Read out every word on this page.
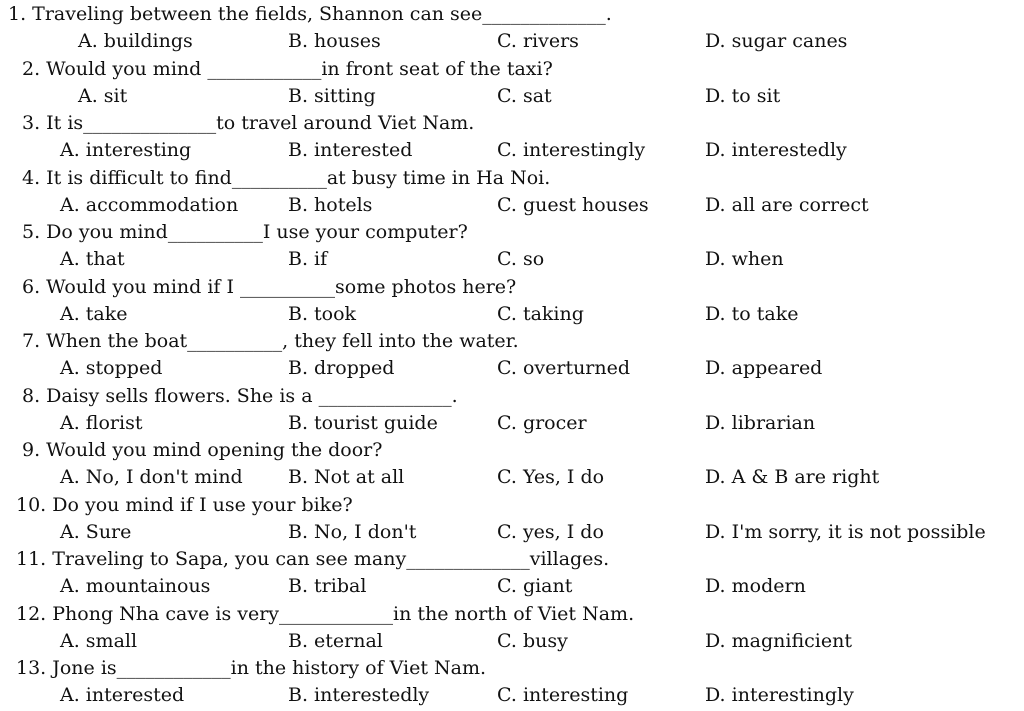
1. Traveling between the fields, Shannon can see_____________.
A. buildings	B. houses	C. rivers	D. sugar canes
2. Would you mind ____________in front seat of the taxi?
A. sit	B. sitting	C. sat	D. to sit
3. It is______________to travel around Viet Nam.
A. interesting	B. interested	C. interestingly	D. interestedly
4. It is difficult to find__________at busy time in Ha Noi.
A. accommodation	B. hotels	C. guest houses	D. all are correct
5. Do you mind__________I use your computer?
A. that	B. if	C. so	D. when
6. Would you mind if I __________some photos here?
A. take	B. took	C. taking	D. to take
7. When the boat__________, they fell into the water.
A. stopped	B. dropped	C. overturned	D. appeared
8. Daisy sells flowers. She is a ______________.
A. florist	B. tourist guide	C. grocer	D. librarian
9. Would you mind opening the door?
A. No, I don't mind B. Not at all	C. Yes, I do	D. A & B are right
10. Do you mind if I use your bike?
A. Sure	B. No, I don't	C. yes, I do	D. I'm sorry, it is not possible
11. Traveling to Sapa, you can see many_____________villages.
A. mountainous	B. tribal	C. giant	D. modern
12. Phong Nha cave is very____________in the north of Viet Nam.
A. small	B. eternal	C. busy	D. magnificient
13. Jone is____________in the history of Viet Nam.
A. interested	B. interestedly	C. interesting	D. interestingly
